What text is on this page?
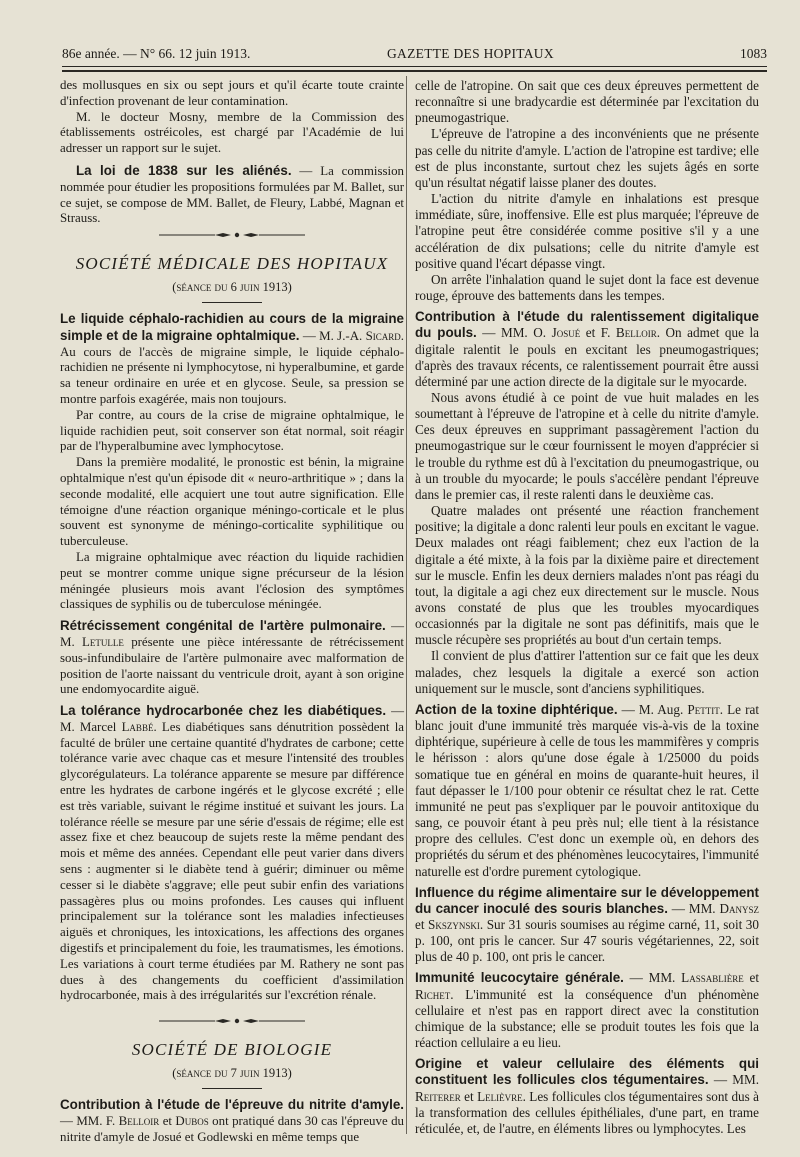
86e année. — N° 66. 12 juin 1913.	GAZETTE DES HOPITAUX	1083

des mollusques en six ou sept jours et qu'il écarte toute crainte d'infection provenant de leur contamination.

M. le docteur Mosny, membre de la Commission des établissements ostréicoles, est chargé par l'Académie de lui adresser un rapport sur le sujet.

La loi de 1838 sur les aliénés. — La commission nommée pour étudier les propositions formulées par M. Ballet, sur ce sujet, se compose de MM. Ballet, de Fleury, Labbé, Magnan et Strauss.

SOCIÉTÉ MÉDICALE DES HOPITAUX
(séance du 6 juin 1913)

Le liquide céphalo-rachidien au cours de la migraine simple et de la migraine ophtalmique. — M. J.-A. Sicard. Au cours de l'accès de migraine simple, le liquide céphalo-rachidien ne présente ni lymphocytose, ni hyperalbumine, et garde sa teneur ordinaire en urée et en glycose. Seule, sa pression se montre parfois exagérée, mais non toujours.

Par contre, au cours de la crise de migraine ophtalmique, le liquide rachidien peut, soit conserver son état normal, soit réagir par de l'hyperalbumine avec lymphocytose.

Dans la première modalité, le pronostic est bénin, la migraine ophtalmique n'est qu'un épisode dit « neuro-arthritique » ; dans la seconde modalité, elle acquiert une tout autre signification. Elle témoigne d'une réaction organique méningo-corticale et le plus souvent est synonyme de méningo-corticalite syphilitique ou tuberculeuse.

La migraine ophtalmique avec réaction du liquide rachidien peut se montrer comme unique signe précurseur de la lésion méningée plusieurs mois avant l'éclosion des symptômes classiques de syphilis ou de tuberculose méningée.

Rétrécissement congénital de l'artère pulmonaire. — M. Letulle présente une pièce intéressante de rétrécissement sous-infundibulaire de l'artère pulmonaire avec malformation de position de l'aorte naissant du ventricule droit, ayant à son origine une endomyocardite aiguë.

La tolérance hydrocarbonée chez les diabétiques. — M. Marcel Labbé. Les diabétiques sans dénutrition possèdent la faculté de brûler une certaine quantité d'hydrates de carbone; cette tolérance varie avec chaque cas et mesure l'intensité des troubles glycorégulateurs. La tolérance apparente se mesure par différence entre les hydrates de carbone ingérés et le glycose excrété ; elle est très variable, suivant le régime institué et suivant les jours. La tolérance réelle se mesure par une série d'essais de régime; elle est assez fixe et chez beaucoup de sujets reste la même pendant des mois et même des années. Cependant elle peut varier dans divers sens : augmenter si le diabète tend à guérir; diminuer ou même cesser si le diabète s'aggrave; elle peut subir enfin des variations passagères plus ou moins profondes. Les causes qui influent principalement sur la tolérance sont les maladies infectieuses aiguës et chroniques, les intoxications, les affections des organes digestifs et principalement du foie, les traumatismes, les émotions. Les variations à court terme étudiées par M. Rathery ne sont pas dues à des changements du coefficient d'assimilation hydrocarbonée, mais à des irrégularités sur l'excrétion rénale.

SOCIÉTÉ DE BIOLOGIE
(séance du 7 juin 1913)

Contribution à l'étude de l'épreuve du nitrite d'amyle. — MM. F. Belloir et Dubos ont pratiqué dans 30 cas l'épreuve du nitrite d'amyle de Josué et Godlewski en même temps que

celle de l'atropine. On sait que ces deux épreuves permettent de reconnaître si une bradycardie est déterminée par l'excitation du pneumogastrique.

L'épreuve de l'atropine a des inconvénients que ne présente pas celle du nitrite d'amyle. L'action de l'atropine est tardive; elle est de plus inconstante, surtout chez les sujets âgés en sorte qu'un résultat négatif laisse planer des doutes.

L'action du nitrite d'amyle en inhalations est presque immédiate, sûre, inoffensive. Elle est plus marquée; l'épreuve de l'atropine peut être considérée comme positive s'il y a une accélération de dix pulsations; celle du nitrite d'amyle est positive quand l'écart dépasse vingt.

On arrête l'inhalation quand le sujet dont la face est devenue rouge, éprouve des battements dans les tempes.

Contribution à l'étude du ralentissement digitalique du pouls. — MM. O. Josué et F. Belloir. On admet que la digitale ralentit le pouls en excitant les pneumogastriques; d'après des travaux récents, ce ralentissement pourrait être aussi déterminé par une action directe de la digitale sur le myocarde.

Nous avons étudié à ce point de vue huit malades en les soumettant à l'épreuve de l'atropine et à celle du nitrite d'amyle. Ces deux épreuves en supprimant passagèrement l'action du pneumogastrique sur le cœur fournissent le moyen d'apprécier si le trouble du rythme est dû à l'excitation du pneumogastrique, ou à un trouble du myocarde; le pouls s'accélère pendant l'épreuve dans le premier cas, il reste ralenti dans le deuxième cas.

Quatre malades ont présenté une réaction franchement positive; la digitale a donc ralenti leur pouls en excitant le vague. Deux malades ont réagi faiblement; chez eux l'action de la digitale a été mixte, à la fois par la dixième paire et directement sur le muscle. Enfin les deux derniers malades n'ont pas réagi du tout, la digitale a agi chez eux directement sur le muscle. Nous avons constaté de plus que les troubles myocardiques occasionnés par la digitale ne sont pas définitifs, mais que le muscle récupère ses propriétés au bout d'un certain temps.

Il convient de plus d'attirer l'attention sur ce fait que les deux malades, chez lesquels la digitale a exercé son action uniquement sur le muscle, sont d'anciens syphilitiques.

Action de la toxine diphtérique. — M. Aug. Pettit. Le rat blanc jouit d'une immunité très marquée vis-à-vis de la toxine diphtérique, supérieure à celle de tous les mammifères y compris le hérisson : alors qu'une dose égale à 1/25000 du poids somatique tue en général en moins de quarante-huit heures, il faut dépasser le 1/100 pour obtenir ce résultat chez le rat. Cette immunité ne peut pas s'expliquer par le pouvoir antitoxique du sang, ce pouvoir étant à peu près nul; elle tient à la résistance propre des cellules. C'est donc un exemple où, en dehors des propriétés du sérum et des phénomènes leucocytaires, l'immunité naturelle est d'ordre purement cytologique.

Influence du régime alimentaire sur le développement du cancer inoculé des souris blanches. — MM. Danysz et Skszynski. Sur 31 souris soumises au régime carné, 11, soit 30 p. 100, ont pris le cancer. Sur 47 souris végétariennes, 22, soit plus de 40 p. 100, ont pris le cancer.

Immunité leucocytaire générale. — MM. Lassablière et Richet. L'immunité est la conséquence d'un phénomène cellulaire et n'est pas en rapport direct avec la constitution chimique de la substance; elle se produit toutes les fois que la réaction cellulaire a eu lieu.

Origine et valeur cellulaire des éléments qui constituent les follicules clos tégumentaires. — MM. Reiterer et Lelièvre. Les follicules clos tégumentaires sont dus à la transformation des cellules épithéliales, d'une part, en trame réticulée, et, de l'autre, en éléments libres ou lymphocytes. Les
